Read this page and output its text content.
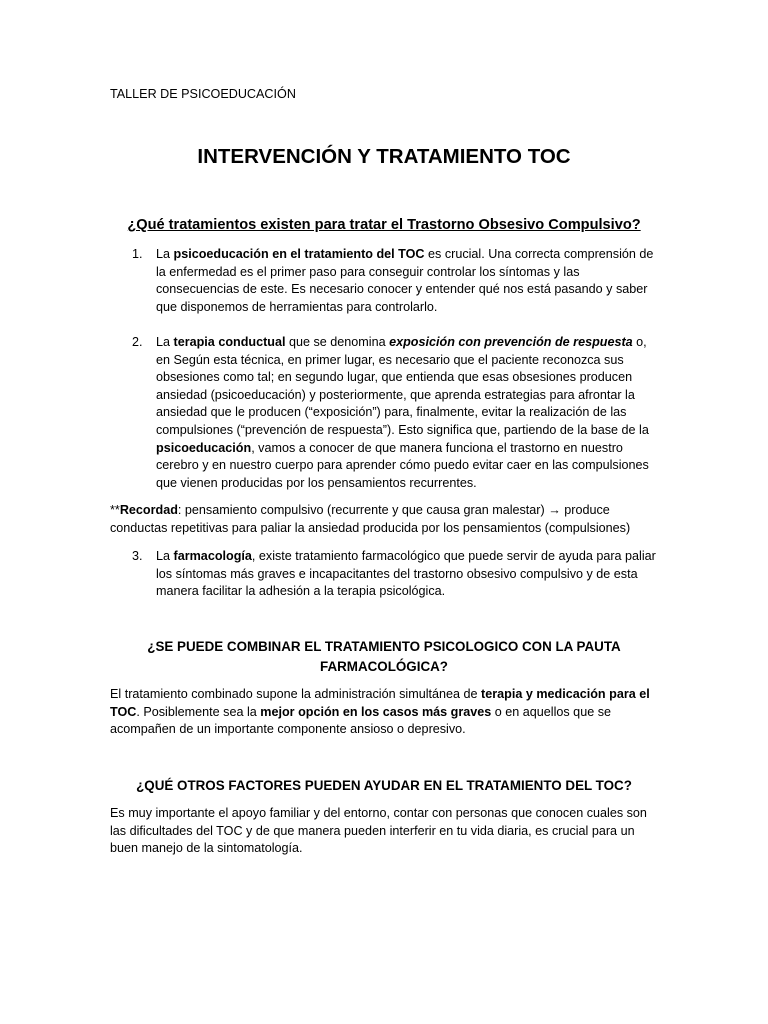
TALLER DE PSICOEDUCACIÓN
INTERVENCIÓN Y TRATAMIENTO TOC
¿Qué tratamientos existen para tratar el Trastorno Obsesivo Compulsivo?
1. La psicoeducación en el tratamiento del TOC es crucial. Una correcta comprensión de la enfermedad es el primer paso para conseguir controlar los síntomas y las consecuencias de este. Es necesario conocer y entender qué nos está pasando y saber que disponemos de herramientas para controlarlo.

2. La terapia conductual que se denomina exposición con prevención de respuesta o, en Según esta técnica, en primer lugar, es necesario que el paciente reconozca sus obsesiones como tal; en segundo lugar, que entienda que esas obsesiones producen ansiedad (psicoeducación) y posteriormente, que aprenda estrategias para afrontar la ansiedad que le producen (“exposición”) para, finalmente, evitar la realización de las compulsiones (“prevención de respuesta”). Esto significa que, partiendo de la base de la psicoeducación, vamos a conocer de que manera funciona el trastorno en nuestro cerebro y en nuestro cuerpo para aprender cómo puedo evitar caer en las compulsiones que vienen producidas por los pensamientos recurrentes.

**Recordad: pensamiento compulsivo (recurrente y que causa gran malestar) → produce conductas repetitivas para paliar la ansiedad producida por los pensamientos (compulsiones)

3. La farmacología, existe tratamiento farmacológico que puede servir de ayuda para paliar los síntomas más graves e incapacitantes del trastorno obsesivo compulsivo y de esta manera facilitar la adhesión a la terapia psicológica.

¿SE PUEDE COMBINAR EL TRATAMIENTO PSICOLOGICO CON LA PAUTA
FARMACOLÓGICA?

El tratamiento combinado supone la administración simultánea de terapia y medicación para el TOC. Posiblemente sea la mejor opción en los casos más graves o en aquellos que se acompañen de un importante componente ansioso o depresivo.

¿QUÉ OTROS FACTORES PUEDEN AYUDAR EN EL TRATAMIENTO DEL TOC?

Es muy importante el apoyo familiar y del entorno, contar con personas que conocen cuales son las dificultades del TOC y de que manera pueden interferir en tu vida diaria, es crucial para un buen manejo de la sintomatología.
